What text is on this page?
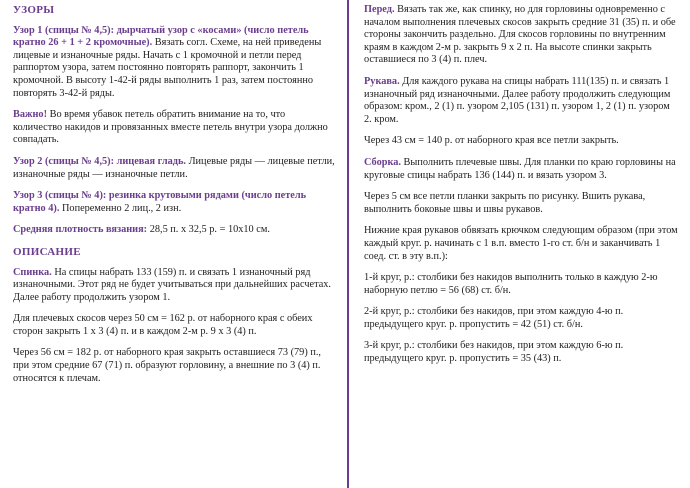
УЗОРЫ

Узор 1 (спицы № 4,5): дырчатый узор с «косами» (число петель кратно 26 + 1 + 2 кромочные). Вязать согл. Схеме, на ней приведены лицевые и изнаночные ряды. Начать с 1 кромочной и петли перед раппортом узора, затем постоянно повторять раппорт, закончить 1 кромочной. В высоту 1-42-й ряды выполнить 1 раз, затем постоянно повторять 3-42-й ряды.

Важно! Во время убавок петель обратить внимание на то, что количество накидов и провязанных вместе петель внутри узора должно совпадать.

Узор 2 (спицы № 4,5): лицевая гладь. Лицевые ряды — лицевые петли, изнаночные ряды — изнаночные петли.

Узор 3 (спицы № 4): резинка крутовыми рядами (число петель кратно 4). Попеременно 2 лиц., 2 изн.

Средняя плотность вязания: 28,5 п. х 32,5 р. = 10x10 см.

ОПИСАНИЕ

Спинка. На спицы набрать 133 (159) п. и связать 1 изнаночный ряд изнаночными. Этот ряд не будет учитываться при дальнейших расчетах. Далее работу продолжить узором 1.

Для плечевых скосов через 50 см = 162 р. от наборного края с обеих сторон закрыть 1 х 3 (4) п. и в каждом 2-м р. 9 х 3 (4) п.

Через 56 см = 182 р. от наборного края закрыть оставшиеся 73 (79) п., при этом средние 67 (71) п. образуют горловину, а внешние по 3 (4) п. относятся к плечам.

Перед. Вязать так же, как спинку, но для горловины одновременно с началом выполнения плечевых скосов закрыть средние 31 (35) п. и обе стороны закончить раздельно. Для скосов горловины по внутренним краям в каждом 2-м р. закрыть 9 х 2 п. На высоте спинки закрыть оставшиеся по 3 (4) п. плеч.

Рукава. Для каждого рукава на спицы набрать 111(135) п. и связать 1 изнаночный ряд изнаночными. Далее работу продолжить следующим образом: кром., 2 (1) п. узором 2,105 (131) п. узором 1, 2 (1) п. узором 2. кром.

Через 43 см = 140 р. от наборного края все петли закрыть.

Сборка. Выполнить плечевые швы. Для планки по краю горловины на круговые спицы набрать 136 (144) п. и вязать узором 3.

Через 5 см все петли планки закрыть по рисунку. Вшить рукава, выполнить боковые швы и швы рукавов.

Нижние края рукавов обвязать крючком следующим образом (при этом каждый круг. р. начинать с 1 в.п. вместо 1-го ст. б/н и заканчивать 1 соед. ст. в эту в.п.):

1-й круг, р.: столбики без накидов выполнить только в каждую 2-ю наборную петлю = 56 (68) ст. б/н.

2-й круг, р.: столбики без накидов, при этом каждую 4-ю п. предыдущего круг. р. пропустить = 42 (51) ст. б/н.

3-й круг, р.: столбики без накидов, при этом каждую 6-ю п. предыдущего круг. р. пропустить = 35 (43) п.
